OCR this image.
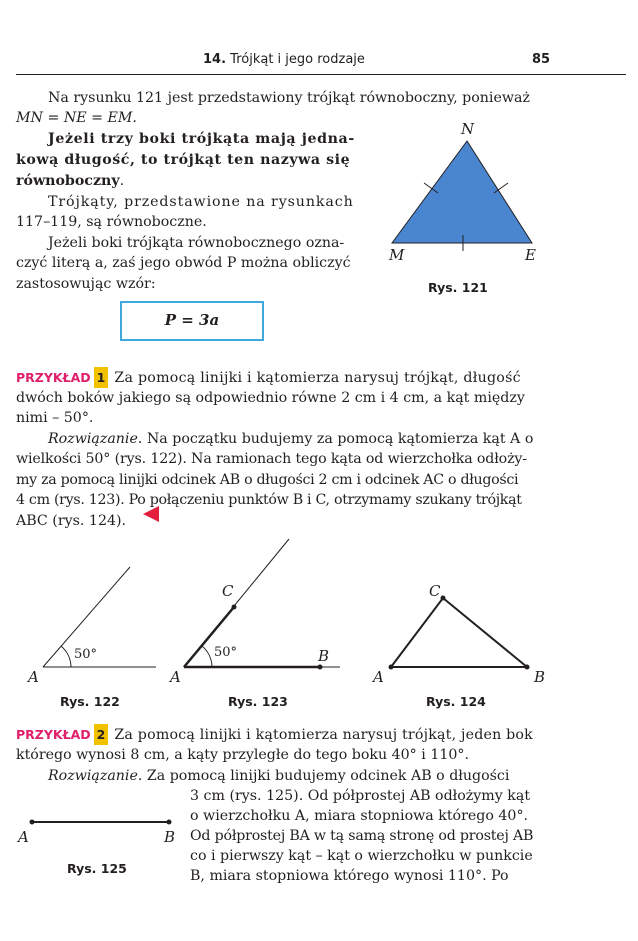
14. Trójkąt i jego rodzaje	85
Na rysunku 121 jest przedstawiony trójkąt równoboczny, ponieważ
MN = NE = EM.
Jeżeli trzy boki trójkąta mają jedna-
kową długość, to trójkąt ten nazywa się
równoboczny.
Trójkąty, przedstawione na rysunkach
117–119, są równoboczne.
Jeżeli boki trójkąta równobocznego ozna-
czyć literą a, zaś jego obwód P można obliczyć
zastosowując wzór:
P = 3a
N
M	E
Rys. 121
PRZYKŁAD 1 Za pomocą linijki i kątomierza narysuj trójkąt, długość
dwóch boków jakiego są odpowiednio równe 2 cm i 4 cm, a kąt między
nimi – 50°.
Rozwiązanie. Na początku budujemy za pomocą kątomierza kąt A o
wielkości 50° (rys. 122). Na ramionach tego kąta od wierzchołka odłoży-
my za pomocą linijki odcinek AB o długości 2 cm i odcinek AC o długości
4 cm (rys. 123). Po połączeniu punktów B i C, otrzymamy szukany trójkąt
ABC (rys. 124).
A
50°
Rys. 122
A
B
C
50°
Rys. 123
A	B
C
Rys. 124
PRZYKŁAD 2 Za pomocą linijki i kątomierza narysuj trójkąt, jeden bok
którego wynosi 8 cm, a kąty przyległe do tego boku 40° i 110°.
Rozwiązanie. Za pomocą linijki budujemy odcinek AB o długości
3 cm (rys. 125). Od półprostej AB odłożymy kąt
o wierzchołku A, miara stopniowa którego 40°.
Od półprostej BA w tą samą stronę od prostej AB
co i pierwszy kąt – kąt o wierzchołku w punkcie
B, miara stopniowa którego wynosi 110°. Po
A	B
Rys. 125
